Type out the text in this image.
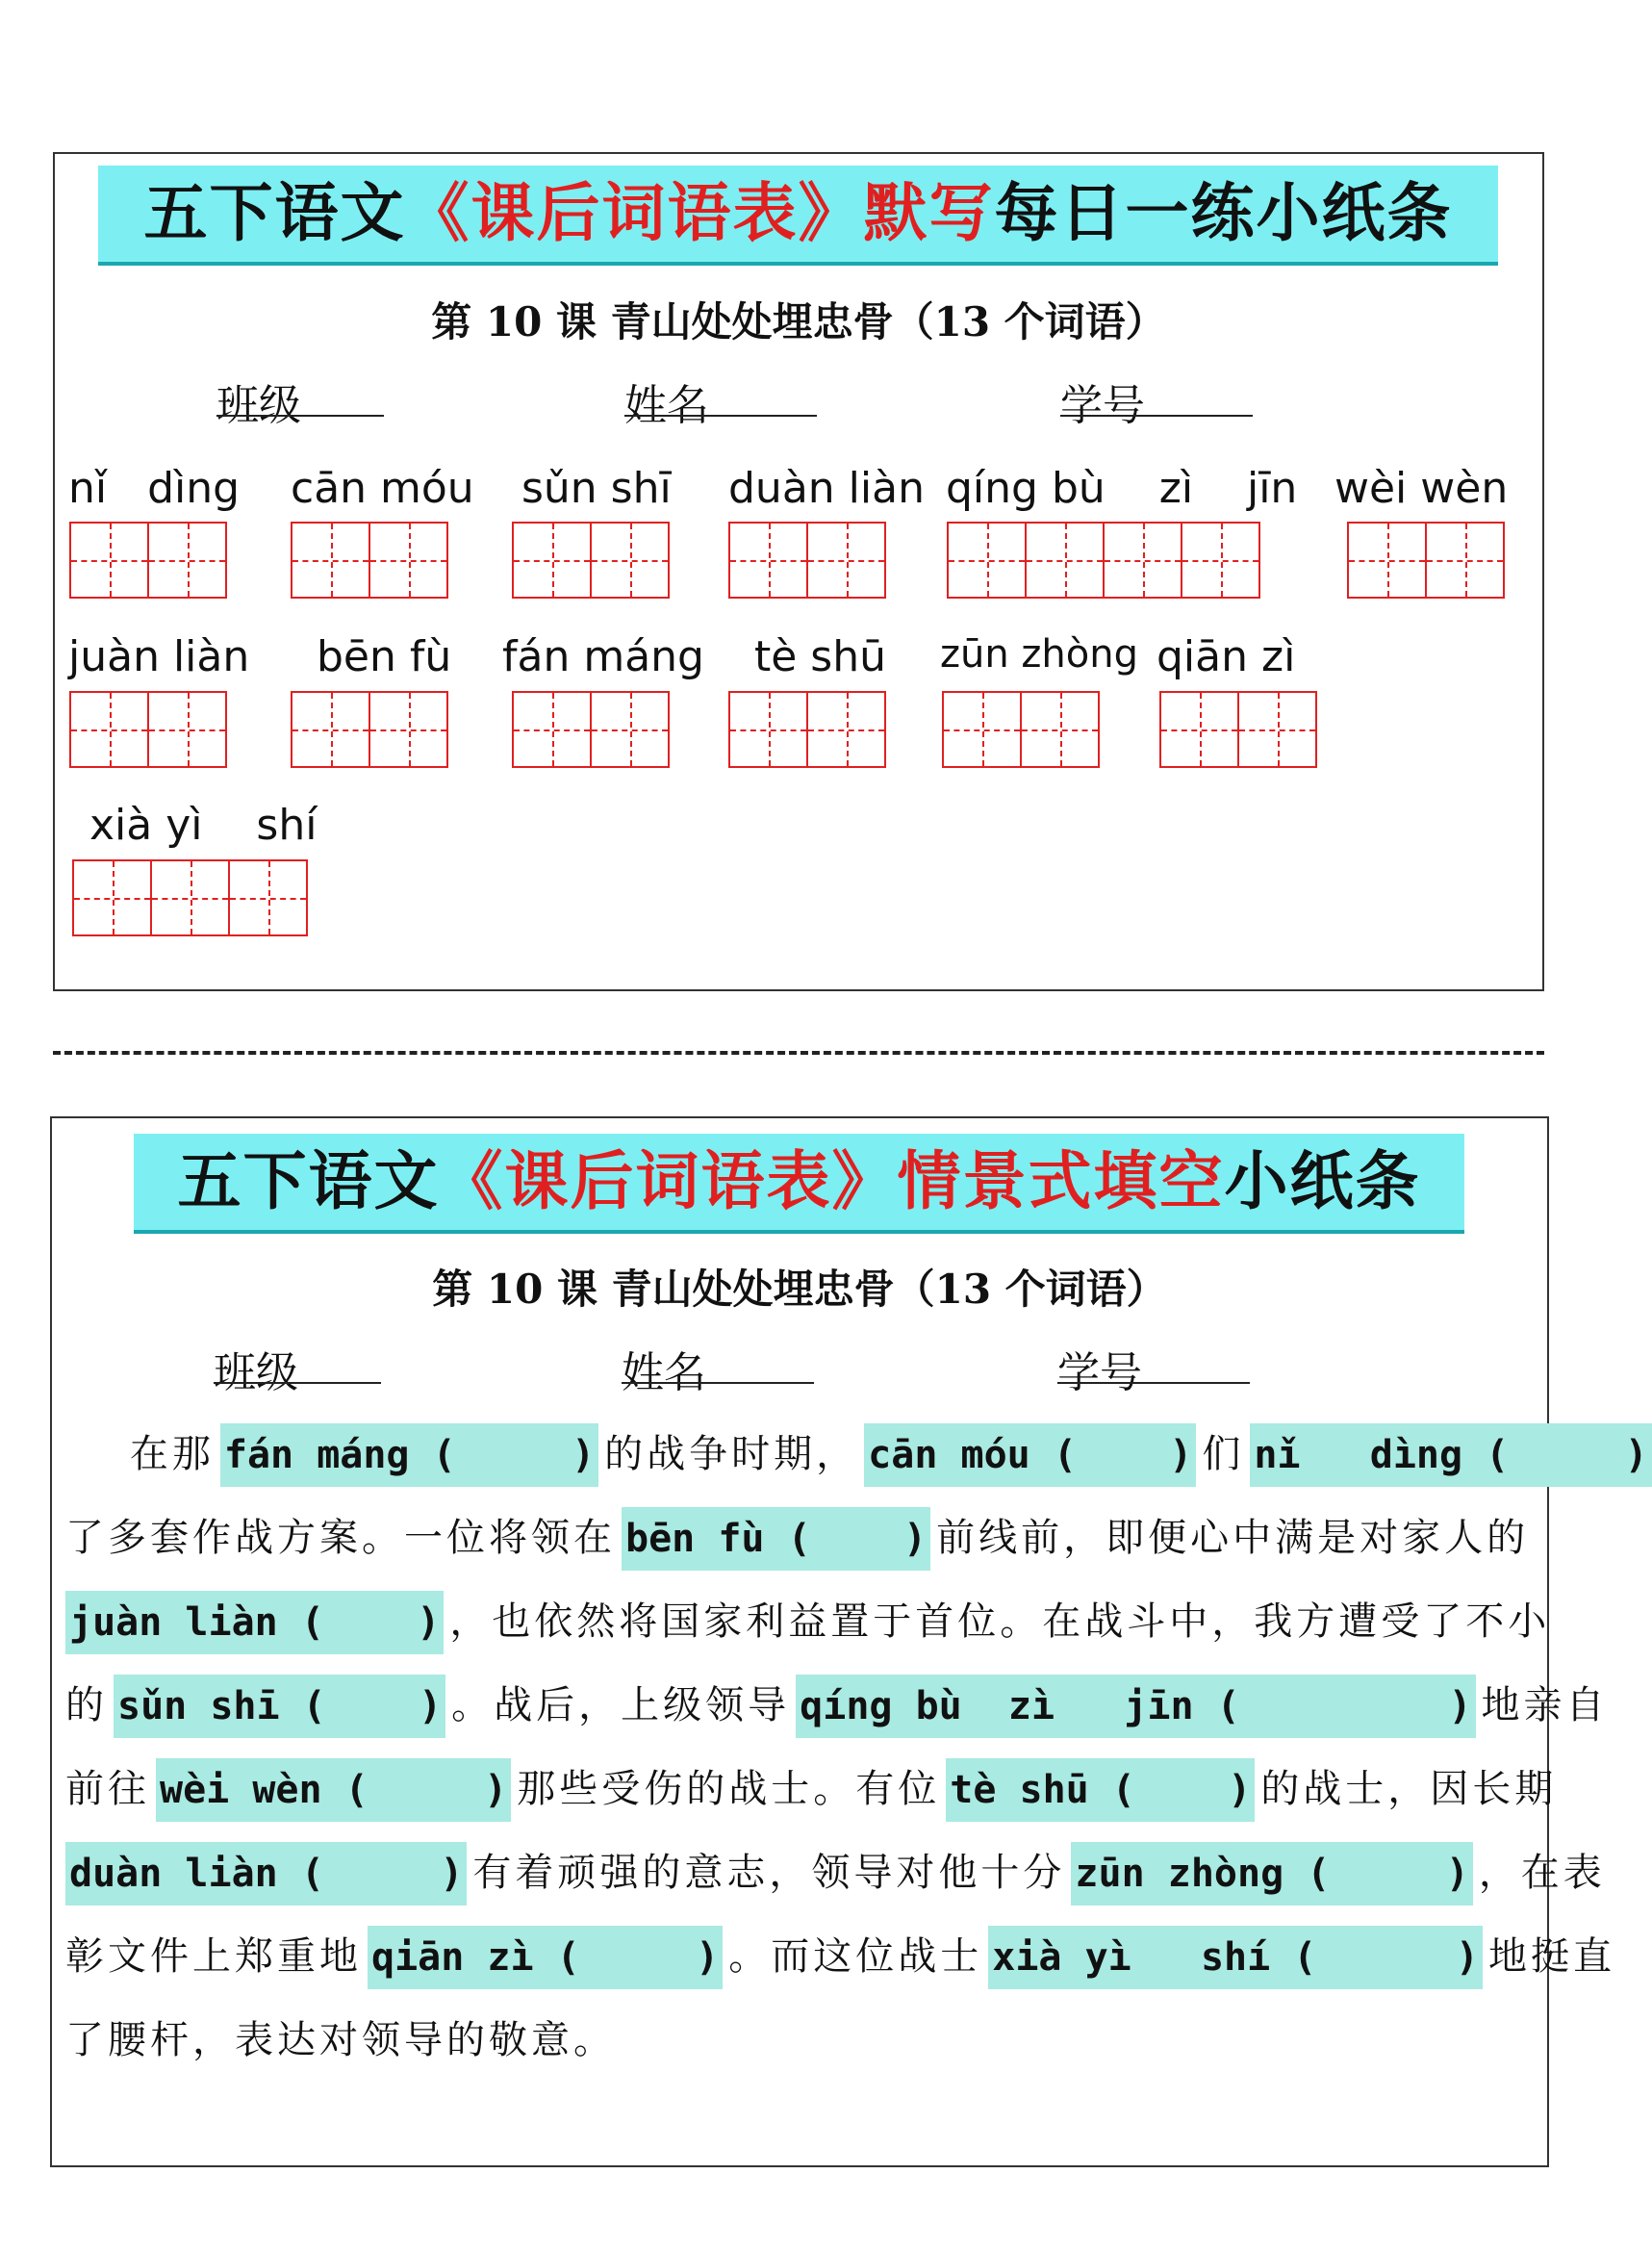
五下语文《课后词语表》默写每日一练小纸条
第 10 课 青山处处埋忠骨（13 个词语）
班级	姓名	学号
nǐ   dìng cān móu sǔn shī duàn liàn qíng bù    zì    jīn wèi wèn
juàn liàn bēn fù fán máng tè shū zūn zhòng qiān zì
xià yì    shí
五下语文《课后词语表》情景式填空小纸条
第 10 课 青山处处埋忠骨（13 个词语）
班级	姓名	学号
在那 fán máng (     ) 的战争时期， cān móu (    ) 们 nǐ   dìng (     )
了多套作战方案。一位将领在 bēn fù (    ) 前线前，即便心中满是对家人的
juàn liàn (    ) ，也依然将国家利益置于首位。在战斗中，我方遭受了不小
的 sǔn shī (    ) 。战后，上级领导 qíng bù  zì   jīn (         ) 地亲自
前往 wèi wèn (     ) 那些受伤的战士。有位 tè shū (    ) 的战士，因长期
duàn liàn (     ) 有着顽强的意志，领导对他十分 zūn zhòng (     ) ，在表
彰文件上郑重地 qiān zì (     ) 。而这位战士 xià yì   shí (      ) 地挺直
了腰杆，表达对领导的敬意。
